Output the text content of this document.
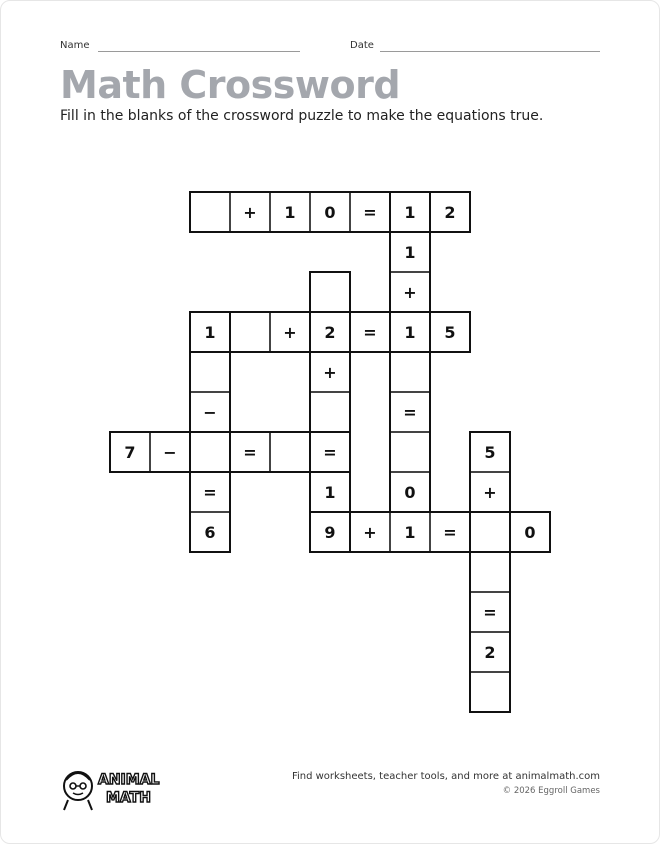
Name	Date
Math Crossword
Fill in the blanks of the crossword puzzle to make the equations true.
+	1	0	=	1	2
1
+
1	+	2	=	1	5
+
−	=
7	−	=	=	5
=	1	0	+
6	9	+	1	=	0
=
2
ANIMAL
MATH
Find worksheets, teacher tools, and more at animalmath.com
© 2026 Eggroll Games
